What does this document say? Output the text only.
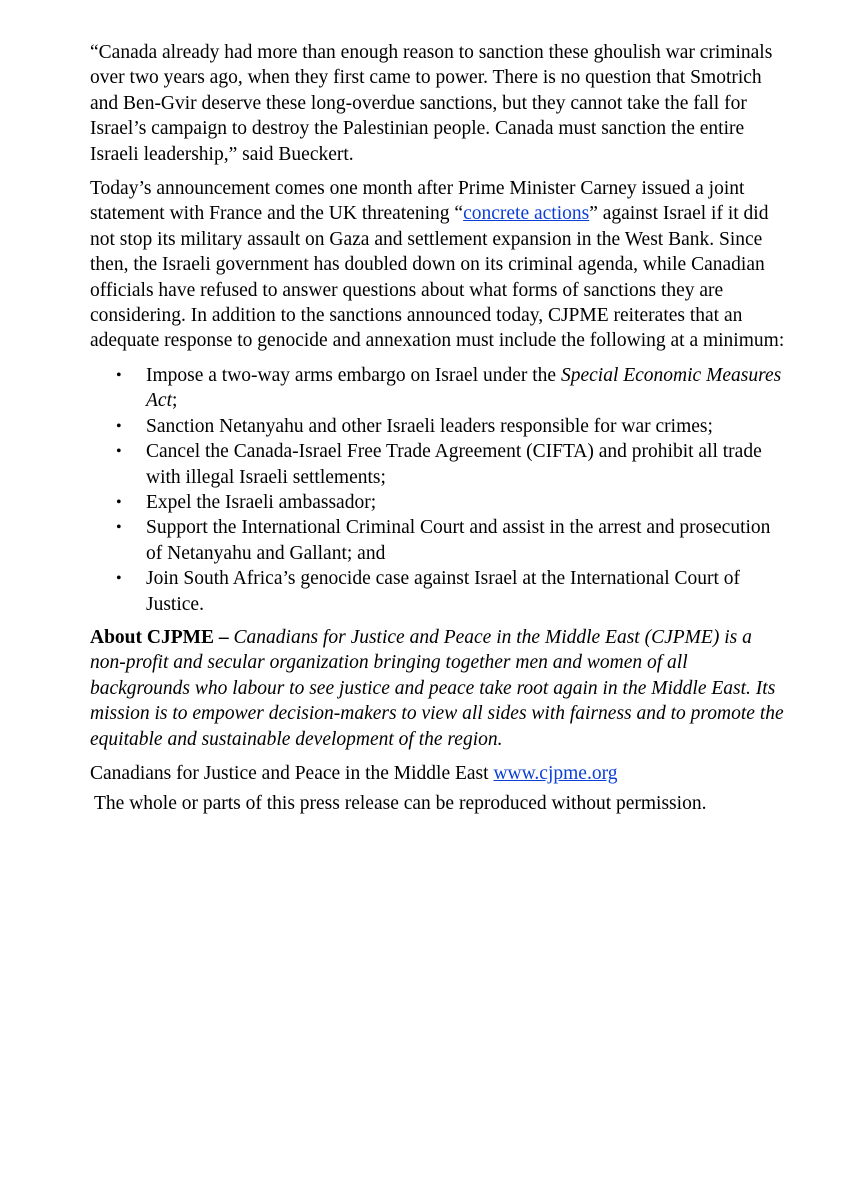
“Canada already had more than enough reason to sanction these ghoulish war criminals over two years ago, when they first came to power. There is no question that Smotrich and Ben-Gvir deserve these long-overdue sanctions, but they cannot take the fall for Israel’s campaign to destroy the Palestinian people. Canada must sanction the entire Israeli leadership,” said Bueckert.

Today’s announcement comes one month after Prime Minister Carney issued a joint statement with France and the UK threatening “concrete actions” against Israel if it did not stop its military assault on Gaza and settlement expansion in the West Bank. Since then, the Israeli government has doubled down on its criminal agenda, while Canadian officials have refused to answer questions about what forms of sanctions they are considering. In addition to the sanctions announced today, CJPME reiterates that an adequate response to genocide and annexation must include the following at a minimum:

• Impose a two-way arms embargo on Israel under the Special Economic Measures Act;
• Sanction Netanyahu and other Israeli leaders responsible for war crimes;
• Cancel the Canada-Israel Free Trade Agreement (CIFTA) and prohibit all trade with illegal Israeli settlements;
• Expel the Israeli ambassador;
• Support the International Criminal Court and assist in the arrest and prosecution of Netanyahu and Gallant; and
• Join South Africa’s genocide case against Israel at the International Court of Justice.

About CJPME – Canadians for Justice and Peace in the Middle East (CJPME) is a non-profit and secular organization bringing together men and women of all backgrounds who labour to see justice and peace take root again in the Middle East. Its mission is to empower decision-makers to view all sides with fairness and to promote the equitable and sustainable development of the region.

Canadians for Justice and Peace in the Middle East www.cjpme.org

The whole or parts of this press release can be reproduced without permission.
